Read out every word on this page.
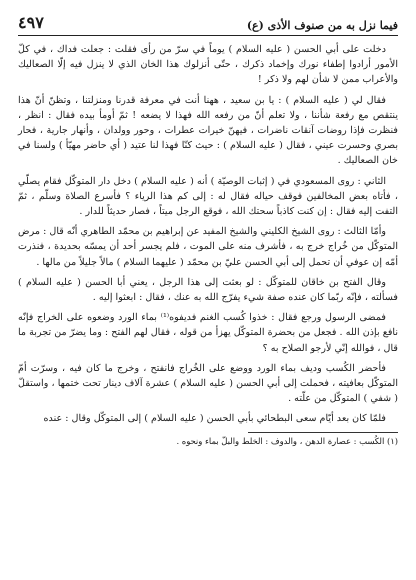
فيما نزل به من صنوف الأذى (ع)
٤٩٧

دخلت على أبي الحسن ( عليه السلام ) يوماً في سرّ من رأى فقلت : جعلت فداك ، في كلّ الأمور أرادوا إطفاء نورك وإخماد ذكرك ، حتّى أنزلوك هذا الخان الذي لا ينزل فيه إلّا الصعاليك والأعراب ممن لا شأن لهم ولا ذكر !

فقال لي ( عليه السلام ) : يا بن سعيد ، ههنا أنت في معرفة قدرنا ومنزلتنا ، وتظنّ أنّ هذا ينتقص مع رفعة شأننا ، ولا تعلم أنّ من رفعه الله فهذا لا يضعه ! ثمّ أومأ بيده فقال : انظر ، فنظرت فإذا روضات آنقات ناضرات ، فيهنّ خيرات عطرات ، وحور وولدان ، وأنهار جارية ، فحار بصري وحسرت عيني ، فقال ( عليه السلام ) : حيث كنّا فهذا لنا عتيد ( أي حاضر مهيّأ ) ولسنا في خان الصعاليك .

الثاني : روى المسعودي في ( إثبات الوصيّة ) أنه ( عليه السلام ) دخل دار المتوكّل فقام يصلّي ، فأتاه بعض المخالفين فوقف حياله فقال له : إلى كم هذا الرياء ؟ فأسرع الصلاة وسلّم ، ثمّ التفت إليه فقال : إن كنت كاذباً سحتك الله ، فوقع الرجل ميتاً ، فصار حديثاً للدار .

وأمّا الثالث : روى الشيخ الكليني والشيخ المفيد عن إبراهيم بن محمّد الطاهري أنّه قال : مرض المتوكّل من خُراج خرج به ، فأشرف منه على الموت ، فلم يجسر أحد أن يمسّه بحديدة ، فنذرت أمّه إن عوفي أن تحمل إلى أبي الحسن عليّ بن محمّد ( عليهما السلام ) مالاً جليلاً من مالها .

وقال الفتح بن خاقان للمتوكّل : لو بعثت إلى هذا الرجل ، يعني أبا الحسن ( عليه السلام ) فسألته ، فإنّه ربّما كان عنده صفة شيء يفرّج الله به عنك ، فقال : ابعثوا إليه .

فمضى الرسول ورجع فقال : خذوا كُسب الغنم فديفوه⁽¹⁾ بماء الورد وضعوه على الخراج فإنّه نافع بإذن الله . فجعل من بحضرة المتوكّل يهزأ من قوله ، فقال لهم الفتح : وما يضرّ من تجربة ما قال ، فوالله إنّي لأرجو الصلاح به ؟

فأحضر الكُسب وديف بماء الورد ووضع على الخُراج فانفتح ، وخرج ما كان فيه ، وسرّت أمّ المتوكّل بعافيته ، فحملت إلى أبي الحسن ( عليه السلام ) عشرة آلاف دينار تحت ختمها ، واستقلّ ( شفي ) المتوكّل من علّته .

فلمّا كان بعد أيّام سعى البطحائي بأبي الحسن ( عليه السلام ) إلى المتوكّل وقال : عنده

(١) الكُسب : عصارة الدهن ، والدوف : الخلط والبلّ بماء ونحوه .
